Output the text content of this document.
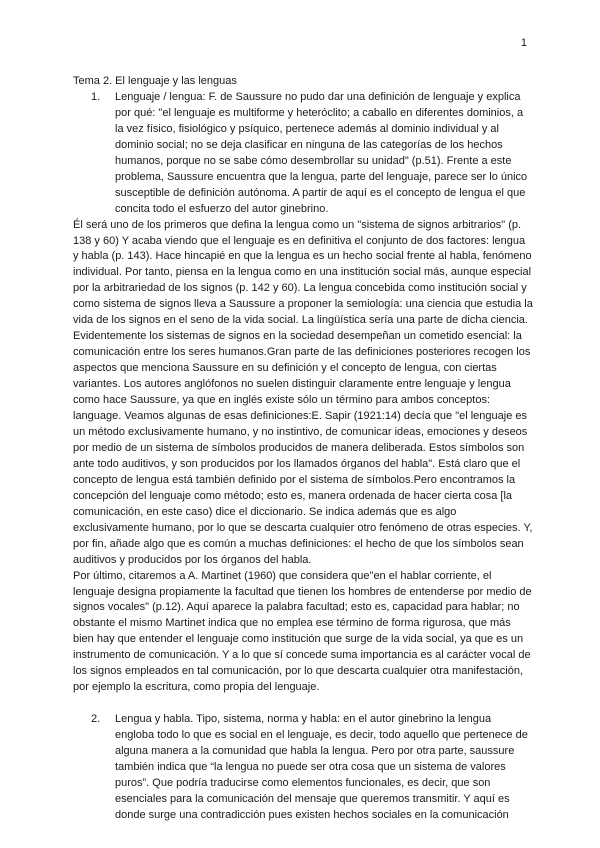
1

Tema 2. El lenguaje y las lenguas

1.	Lenguaje / lengua: F. de Saussure no pudo dar una definición de lenguaje y explica por qué: "el lenguaje es multiforme y heteróclito; a caballo en diferentes dominios, a la vez físico, fisiológico y psíquico, pertenece además al dominio individual y al dominio social; no se deja clasificar en ninguna de las categorías de los hechos humanos, porque no se sabe cómo desembrollar su unidad" (p.51). Frente a este problema, Saussure encuentra que la lengua, parte del lenguaje, parece ser lo único susceptible de definición autónoma. A partir de aquí es el concepto de lengua el que concita todo el esfuerzo del autor ginebrino.

Él será uno de los primeros que defina la lengua como un "sistema de signos arbitrarios" (p. 138 y 60) Y acaba viendo que el lenguaje es en definitiva el conjunto de dos factores: lengua y habla (p. 143). Hace hincapié en que la lengua es un hecho social frente al habla, fenómeno individual. Por tanto, piensa en la lengua como en una institución social más, aunque especial por la arbitrariedad de los signos (p. 142 y 60). La lengua concebida como institución social y como sistema de signos lleva a Saussure a proponer la semiología: una ciencia que estudia la vida de los signos en el seno de la vida social. La lingüística sería una parte de dicha ciencia. Evidentemente los sistemas de signos en la sociedad desempeñan un cometido esencial: la comunicación entre los seres humanos.Gran parte de las definiciones posteriores recogen los aspectos que menciona Saussure en su definición y el concepto de lengua, con ciertas variantes. Los autores anglófonos no suelen distinguir claramente entre lenguaje y lengua como hace Saussure, ya que en inglés existe sólo un término para ambos conceptos: language. Veamos algunas de esas definiciones:E. Sapir (1921:14) decía que "el lenguaje es un método exclusivamente humano, y no instintivo, de comunicar ideas, emociones y deseos por medio de un sistema de símbolos producidos de manera deliberada. Estos símbolos son ante todo auditivos, y son producidos por los llamados órganos del habla". Está claro que el concepto de lengua está también definido por el sistema de símbolos.Pero encontramos la concepción del lenguaje como método; esto es, manera ordenada de hacer cierta cosa [la comunicación, en este caso) dice el diccionario. Se indica además que es algo exclusivamente humano, por lo que se descarta cualquier otro fenómeno de otras especies. Y, por fin, añade algo que es común a muchas definiciones: el hecho de que los símbolos sean auditivos y producidos por los órganos del habla.

Por último, citaremos a A. Martinet (1960) que considera que"en el hablar corriente, el lenguaje designa propiamente la facultad que tienen los hombres de entenderse por medio de signos vocales" (p.12). Aquí aparece la palabra facultad; esto es, capacidad para hablar; no obstante el mismo Martinet indica que no emplea ese término de forma rigurosa, que más bien hay que entender el lenguaje como institución que surge de la vida social, ya que es un instrumento de comunicación. Y a lo que sí concede suma importancia es al carácter vocal de los signos empleados en tal comunicación, por lo que descarta cualquier otra manifestación, por ejemplo la escritura, como propia del lenguaje.

2.	Lengua y habla. Tipo, sistema, norma y habla: en el autor ginebrino la lengua engloba todo lo que es social en el lenguaje, es decir, todo aquello que pertenece de alguna manera a la comunidad que habla la lengua. Pero por otra parte, saussure también indica que “la lengua no puede ser otra cosa que un sistema de valores puros”. Que podría traducirse como elementos funcionales, es decir, que son esenciales para la comunicación del mensaje que queremos transmitir. Y aquí es donde surge una contradicción pues existen hechos sociales en la comunicación
